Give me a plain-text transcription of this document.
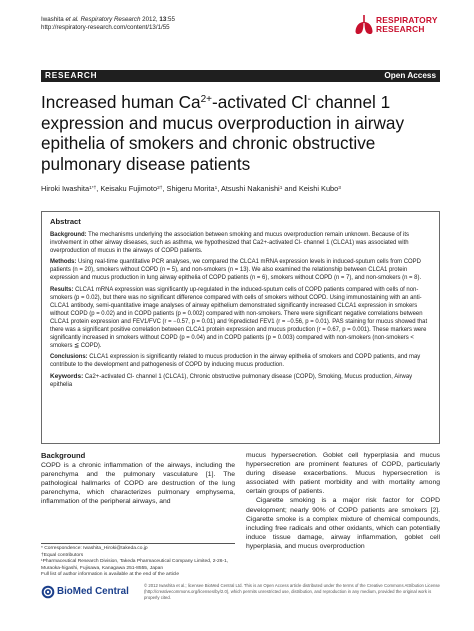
Iwashita et al. Respiratory Research 2012, 13:55
http://respiratory-research.com/content/13/1/55
RESPIRATORY
RESEARCH
RESEARCH	Open Access
Increased human $Ca^{2+}$-activated Cl- channel 1 expression and mucus overproduction in airway epithelia of smokers and chronic obstructive pulmonary disease patients
Hiroki Iwashita$^{1*\dagger}$, Keisaku Fujimoto$^{2\dagger}$, Shigeru Morita$^1$, Atsushi Nakanishi$^1$ and Keishi Kubo$^3$
Abstract
Background: The mechanisms underlying the association between smoking and mucus overproduction remain unknown. Because of its involvement in other airway diseases, such as asthma, we hypothesized that Ca2+-activated Cl- channel 1 (CLCA1) was associated with overproduction of mucus in the airways of COPD patients.
Methods: Using real-time quantitative PCR analyses, we compared the CLCA1 mRNA expression levels in induced-sputum cells from COPD patients (n = 20), smokers without COPD (n = 5), and non-smokers (n = 13). We also examined the relationship between CLCA1 protein expression and mucus production in lung airway epithelia of COPD patients (n = 6), smokers without COPD (n = 7), and non-smokers (n = 8).
Results: CLCA1 mRNA expression was significantly up-regulated in the induced-sputum cells of COPD patients compared with cells of non-smokers (p = 0.02), but there was no significant difference compared with cells of smokers without COPD. Using immunostaining with an anti-CLCA1 antibody, semi-quantitative image analyses of airway epithelium demonstrated significantly increased CLCA1 expression in smokers without COPD (p = 0.02) and in COPD patients (p = 0.002) compared with non-smokers. There were significant negative correlations between CLCA1 protein expression and FEV1/FVC (r = −0.57, p = 0.01) and %predicted FEV1 (r = −0.56, p = 0.01). PAS staining for mucus showed that there was a significant positive correlation between CLCA1 protein expression and mucus production (r = 0.67, p = 0.001). These markers were significantly increased in smokers without COPD (p = 0.04) and in COPD patients (p = 0.003) compared with non-smokers (non-smokers < smokers ≦ COPD).
Conclusions: CLCA1 expression is significantly related to mucus production in the airway epithelia of smokers and COPD patients, and may contribute to the development and pathogenesis of COPD by inducing mucus production.
Keywords: Ca2+-activated Cl- channel 1 (CLCA1), Chronic obstructive pulmonary disease (COPD), Smoking, Mucus production, Airway epithelia
Background

COPD is a chronic inflammation of the airways, including the parenchyma and the pulmonary vasculature [1]. The pathological hallmarks of COPD are destruction of the lung parenchyma, which characterizes pulmonary emphysema, inflammation of the peripheral airways, and

mucus hypersecretion. Goblet cell hyperplasia and mucus hypersecretion are prominent features of COPD, particularly during disease exacerbations. Mucus hypersecretion is associated with patient morbidity and with mortality among certain groups of patients.

Cigarette smoking is a major risk factor for COPD development; nearly 90% of COPD patients are smokers [2]. Cigarette smoke is a complex mixture of chemical compounds, including free radicals and other oxidants, which can potentially induce tissue damage, airway inflammation, goblet cell hyperplasia, and mucus overproduction

* Correspondence: Iwashita_Hiroki@takeda.co.jp
†Equal contributors
¹Pharmaceutical Research Division, Takeda Pharmaceutical Company Limited, 2-26-1, Muraoka-higashi, Fujisawa, Kanagawa 251-8555, Japan
Full list of author information is available at the end of the article
BioMed Central
© 2012 Iwashita et al.; licensee BioMed Central Ltd. This is an Open Access article distributed under the terms of the Creative Commons Attribution License (http://creativecommons.org/licenses/by/2.0), which permits unrestricted use, distribution, and reproduction in any medium, provided the original work is properly cited.
